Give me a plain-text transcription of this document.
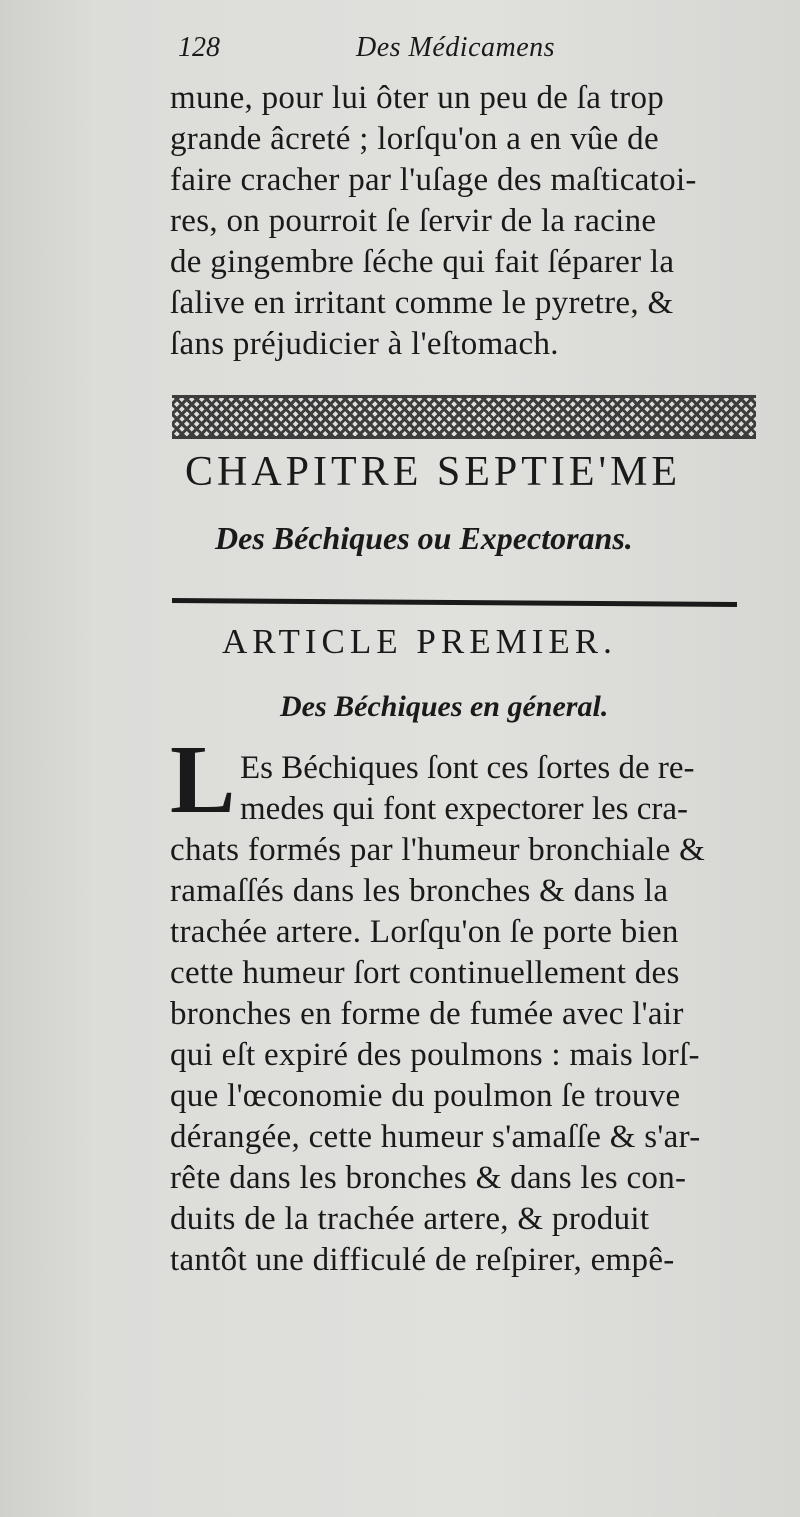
128	Des Médicamens
mune, pour lui ôter un peu de ſa trop
grande âcreté ; lorſqu'on a en vûe de
faire cracher par l'uſage des maſticatoi-
res, on pourroit ſe ſervir de la racine
de gingembre ſéche qui fait ſéparer la
ſalive en irritant comme le pyretre, &
ſans préjudicier à l'eſtomach.
CHAPITRE SEPTIE'ME
Des Béchiques ou Expectorans.
ARTICLE PREMIER.
Des Béchiques en géneral.
L Es Béchiques ſont ces ſortes de re-
medes qui font expectorer les cra-
chats formés par l'humeur bronchiale &
ramaſſés dans les bronches & dans la
trachée artere. Lorſqu'on ſe porte bien
cette humeur ſort continuellement des
bronches en forme de fumée avec l'air
qui eſt expiré des poulmons : mais lorſ-
que l'œconomie du poulmon ſe trouve
dérangée, cette humeur s'amaſſe & s'ar-
rête dans les bronches & dans les con-
duits de la trachée artere, & produit
tantôt une difficulé de reſpirer, empê-
